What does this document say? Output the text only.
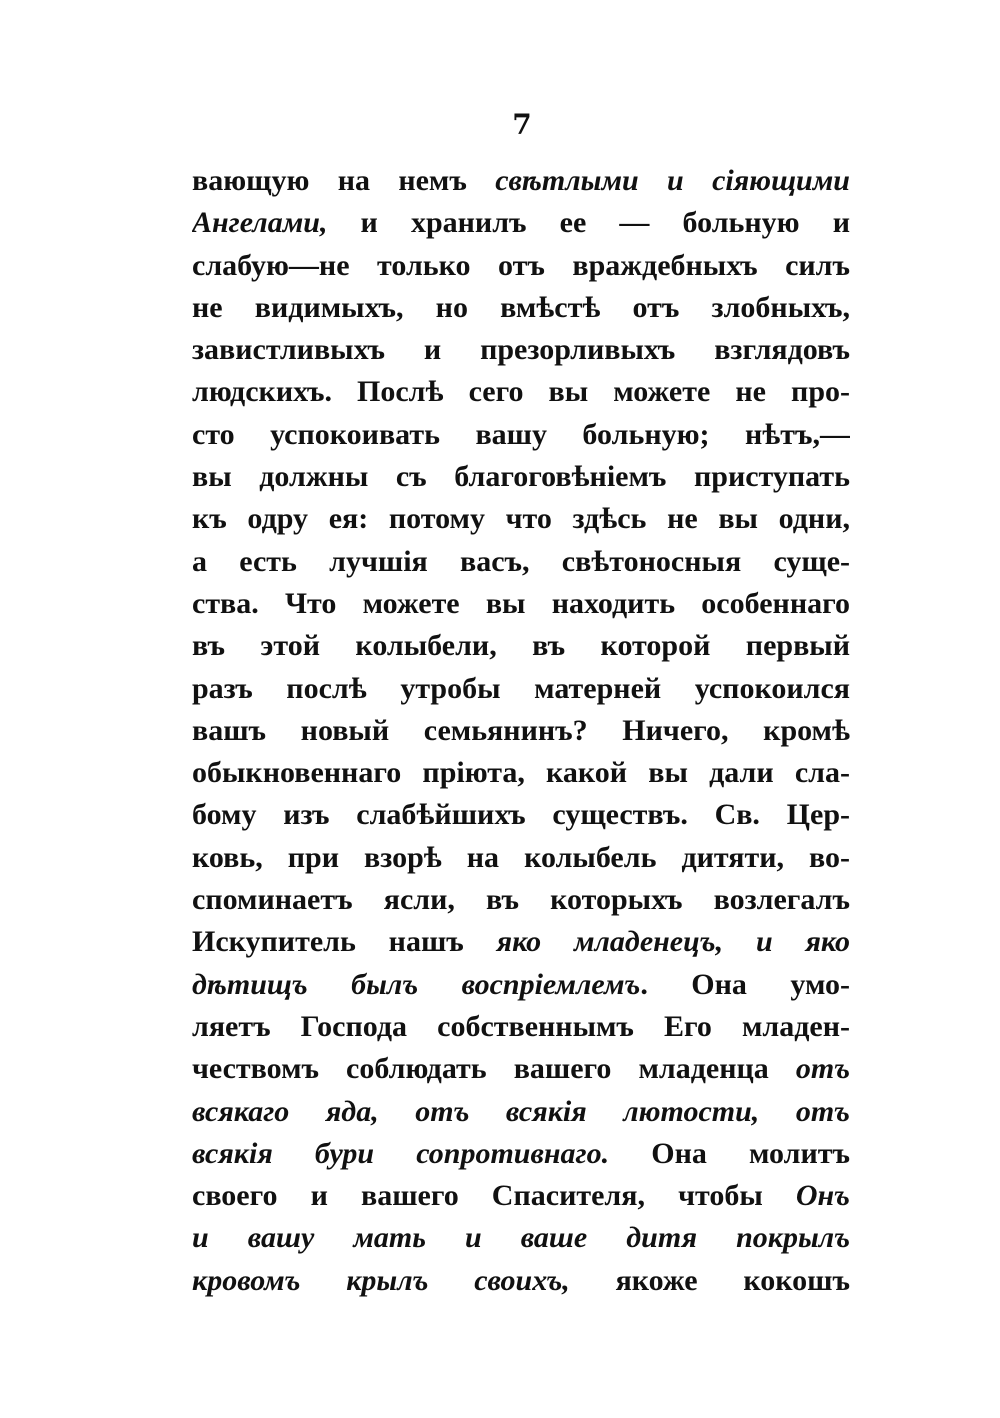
7
вающую на немъ свѣтлыми и сіяющими
Ангелами, и хранилъ ее — больную и
слабую—не только отъ враждебныхъ силъ
не видимыхъ, но вмѣстѣ отъ злобныхъ,
завистливыхъ и презорливыхъ взглядовъ
людскихъ. Послѣ сего вы можете не про-
сто успокоивать вашу больную; нѣтъ,—
вы должны съ благоговѣніемъ приступать
къ одру ея: потому что здѣсь не вы одни,
а есть лучшія васъ, свѣтоносныя суще-
ства. Что можете вы находить особеннаго
въ этой колыбели, въ которой первый
разъ послѣ утробы матерней успокоился
вашъ новый семьянинъ? Ничего, кромѣ
обыкновеннаго пріюта, какой вы дали сла-
бому изъ слабѣйшихъ существъ. Св. Цер-
ковь, при взорѣ на колыбель дитяти, во-
споминаетъ ясли, въ которыхъ возлегалъ
Искупитель нашъ яко младенецъ, и яко
дѣтищъ былъ воспріемлемъ. Она умо-
ляетъ Господа собственнымъ Его младен-
чествомъ соблюдать вашего младенца отъ
всякаго яда, отъ всякія лютости, отъ
всякія бури сопротивнаго. Она молитъ
своего и вашего Спасителя, чтобы Онъ
и вашу мать и ваше дитя покрылъ
кровомъ крылъ своихъ, якоже кокошъ
